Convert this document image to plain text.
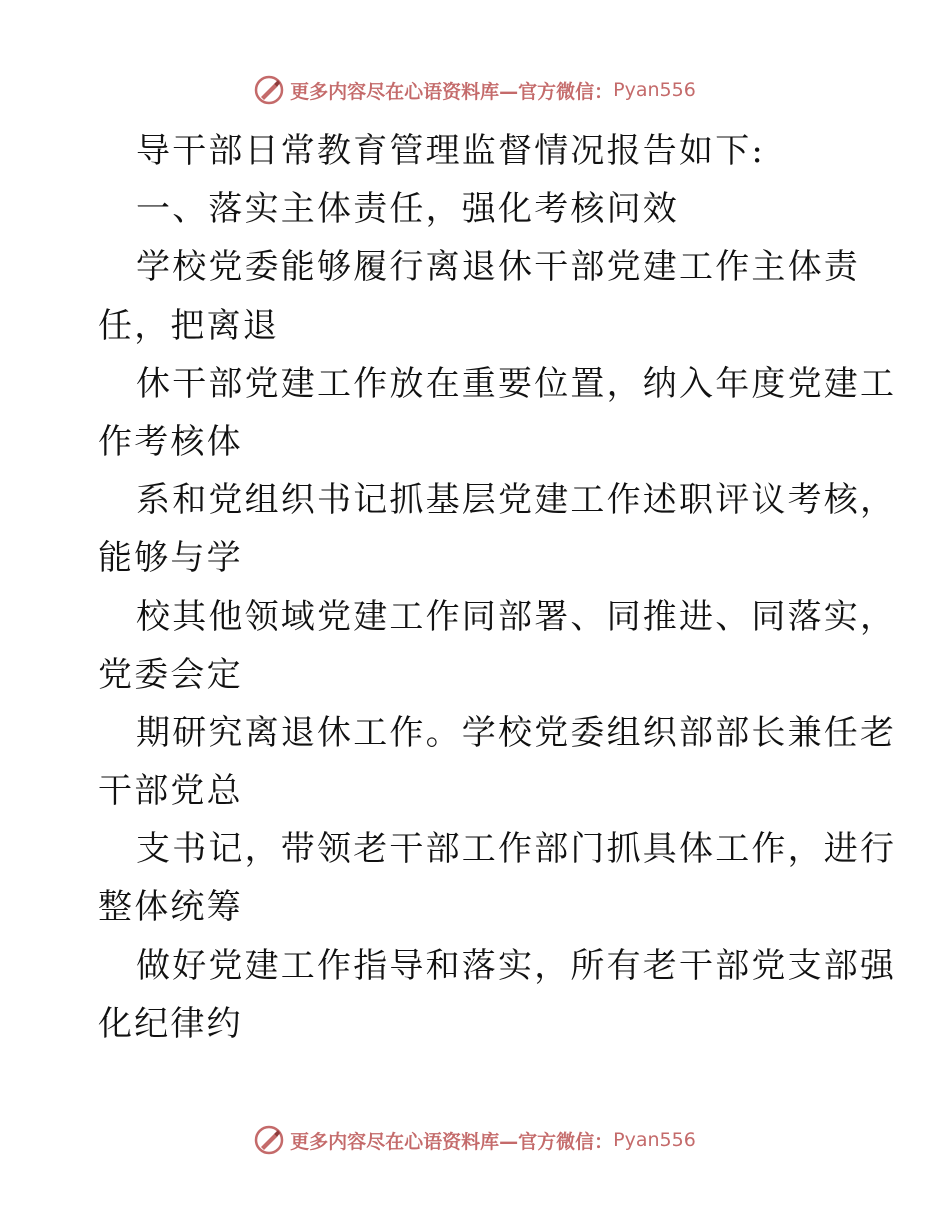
更多内容尽在心语资料库—官方微信： Pyan556
导干部日常教育管理监督情况报告如下:
一、落实主体责任，强化考核问效
学校党委能够履行离退休干部党建工作主体责
任，把离退
休干部党建工作放在重要位置，纳入年度党建工
作考核体
系和党组织书记抓基层党建工作述职评议考核，
能够与学
校其他领域党建工作同部署、同推进、同落实，
党委会定
期研究离退休工作。学校党委组织部部长兼任老
干部党总
支书记，带领老干部工作部门抓具体工作，进行
整体统筹
做好党建工作指导和落实，所有老干部党支部强
化纪律约
更多内容尽在心语资料库—官方微信： Pyan556
